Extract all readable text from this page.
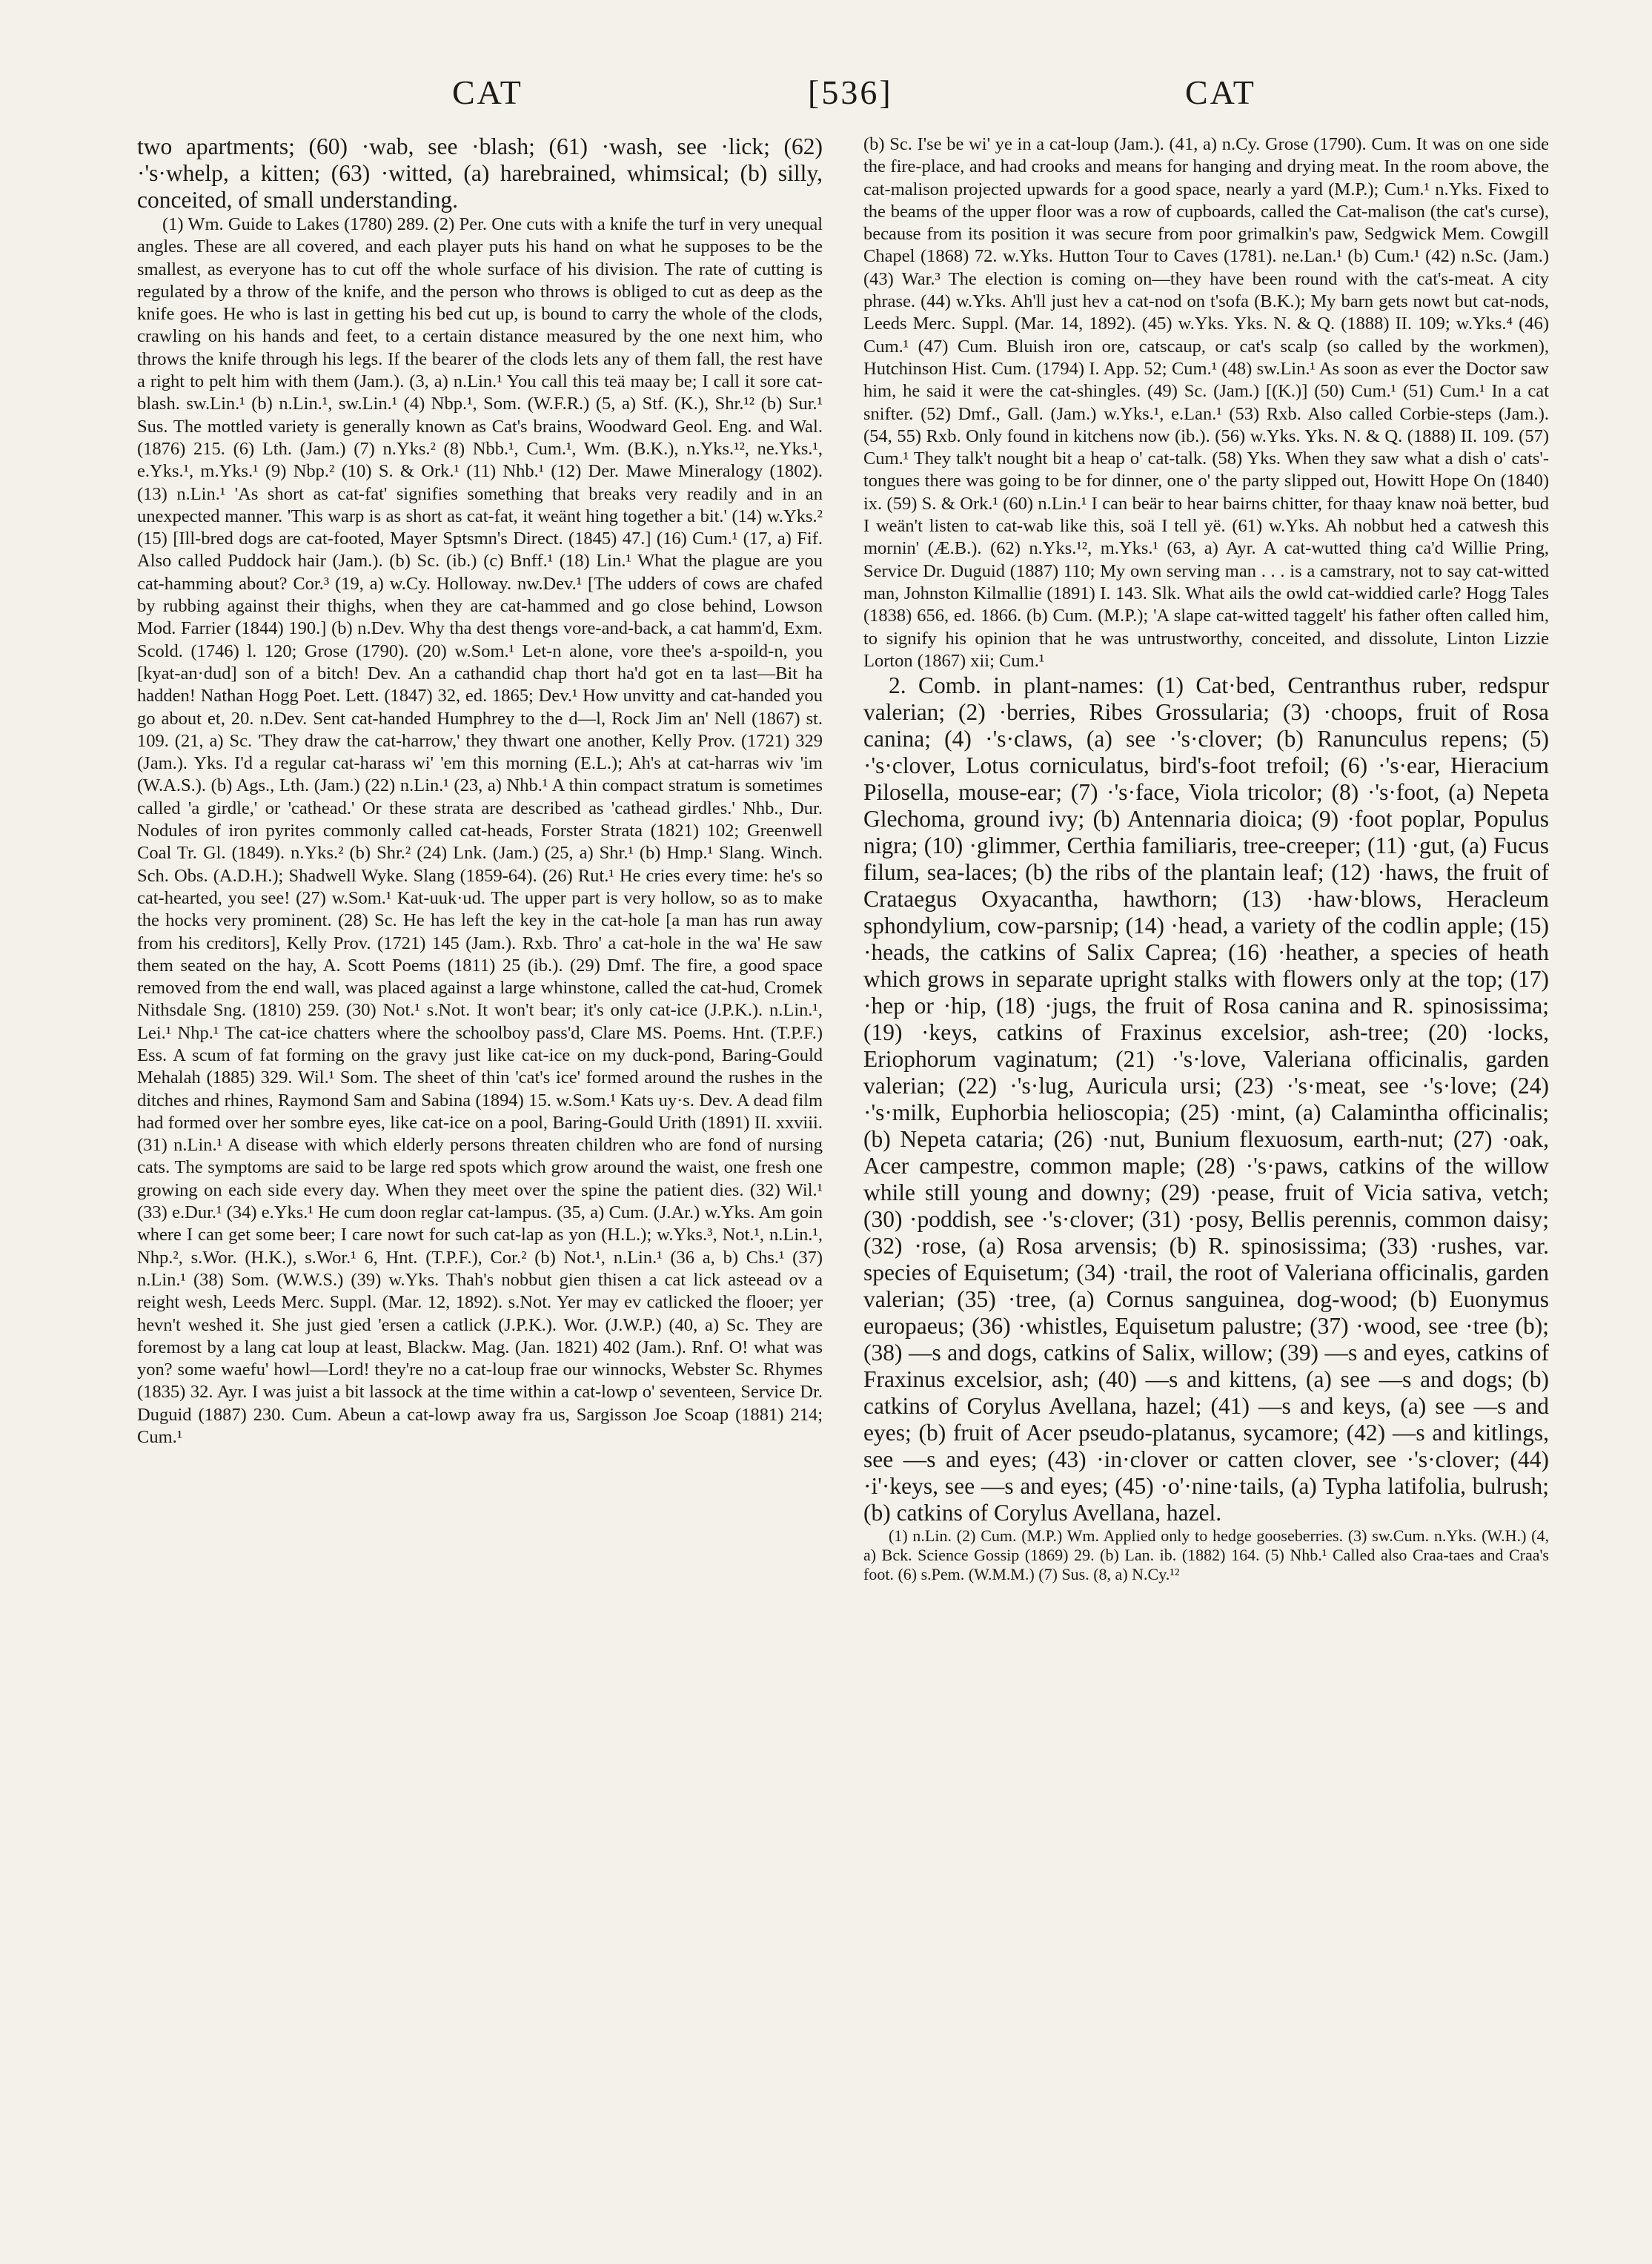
CAT	[536]	CAT

two apartments; (60) ·wab, see ·blash; (61) ·wash, see ·lick; (62) ·'s·whelp, a kitten; (63) ·witted, (a) harebrained, whimsical; (b) silly, conceited, of small understanding.

(1) Wm. Guide to Lakes (1780) 289. (2) Per. One cuts with a knife the turf in very unequal angles. These are all covered, and each player puts his hand on what he supposes to be the smallest, as everyone has to cut off the whole surface of his division. The rate of cutting is regulated by a throw of the knife, and the person who throws is obliged to cut as deep as the knife goes. He who is last in getting his bed cut up, is bound to carry the whole of the clods, crawling on his hands and feet, to a certain distance measured by the one next him, who throws the knife through his legs. If the bearer of the clods lets any of them fall, the rest have a right to pelt him with them (Jam.). (3, a) n.Lin.¹ You call this teä maay be; I call it sore cat-blash. sw.Lin.¹ (b) n.Lin.¹, sw.Lin.¹ (4) Nbp.¹, Som. (W.F.R.) (5, a) Stf. (K.), Shr.¹² (b) Sur.¹ Sus. The mottled variety is generally known as Cat's brains, Woodward Geol. Eng. and Wal. (1876) 215. (6) Lth. (Jam.) (7) n.Yks.² (8) Nbb.¹, Cum.¹, Wm. (B.K.), n.Yks.¹², ne.Yks.¹, e.Yks.¹, m.Yks.¹ (9) Nbp.² (10) S. & Ork.¹ (11) Nhb.¹ (12) Der. Mawe Mineralogy (1802). (13) n.Lin.¹ 'As short as cat-fat' signifies something that breaks very readily and in an unexpected manner. 'This warp is as short as cat-fat, it weänt hing together a bit.' (14) w.Yks.² (15) [Ill-bred dogs are cat-footed, Mayer Sptsmn's Direct. (1845) 47.] (16) Cum.¹ (17, a) Fif. Also called Puddock hair (Jam.). (b) Sc. (ib.) (c) Bnff.¹ (18) Lin.¹ What the plague are you cat-hamming about? Cor.³ (19, a) w.Cy. Holloway. nw.Dev.¹ [The udders of cows are chafed by rubbing against their thighs, when they are cat-hammed and go close behind, Lowson Mod. Farrier (1844) 190.] (b) n.Dev. Why tha dest thengs vore-and-back, a cat hamm'd, Exm. Scold. (1746) l. 120; Grose (1790). (20) w.Som.¹ Let-n alone, vore thee's a-spoild-n, you [kyat-an·dud] son of a bitch! Dev. An a cathandid chap thort ha'd got en ta last—Bit ha hadden! Nathan Hogg Poet. Lett. (1847) 32, ed. 1865; Dev.¹ How unvitty and cat-handed you go about et, 20. n.Dev. Sent cat-handed Humphrey to the d—l, Rock Jim an' Nell (1867) st. 109. (21, a) Sc. 'They draw the cat-harrow,' they thwart one another, Kelly Prov. (1721) 329 (Jam.). Yks. I'd a regular cat-harass wi' 'em this morning (E.L.); Ah's at cat-harras wiv 'im (W.A.S.). (b) Ags., Lth. (Jam.) (22) n.Lin.¹ (23, a) Nhb.¹ A thin compact stratum is sometimes called 'a girdle,' or 'cathead.' Or these strata are described as 'cathead girdles.' Nhb., Dur. Nodules of iron pyrites commonly called cat-heads, Forster Strata (1821) 102; Greenwell Coal Tr. Gl. (1849). n.Yks.² (b) Shr.² (24) Lnk. (Jam.) (25, a) Shr.¹ (b) Hmp.¹ Slang. Winch. Sch. Obs. (A.D.H.); Shadwell Wyke. Slang (1859-64). (26) Rut.¹ He cries every time: he's so cat-hearted, you see! (27) w.Som.¹ Kat-uuk·ud. The upper part is very hollow, so as to make the hocks very prominent. (28) Sc. He has left the key in the cat-hole [a man has run away from his creditors], Kelly Prov. (1721) 145 (Jam.). Rxb. Thro' a cat-hole in the wa' He saw them seated on the hay, A. Scott Poems (1811) 25 (ib.). (29) Dmf. The fire, a good space removed from the end wall, was placed against a large whinstone, called the cat-hud, Cromek Nithsdale Sng. (1810) 259. (30) Not.¹ s.Not. It won't bear; it's only cat-ice (J.P.K.). n.Lin.¹, Lei.¹ Nhp.¹ The cat-ice chatters where the schoolboy pass'd, Clare MS. Poems. Hnt. (T.P.F.) Ess. A scum of fat forming on the gravy just like cat-ice on my duck-pond, Baring-Gould Mehalah (1885) 329. Wil.¹ Som. The sheet of thin 'cat's ice' formed around the rushes in the ditches and rhines, Raymond Sam and Sabina (1894) 15. w.Som.¹ Kats uy·s. Dev. A dead film had formed over her sombre eyes, like cat-ice on a pool, Baring-Gould Urith (1891) II. xxviii. (31) n.Lin.¹ A disease with which elderly persons threaten children who are fond of nursing cats. The symptoms are said to be large red spots which grow around the waist, one fresh one growing on each side every day. When they meet over the spine the patient dies. (32) Wil.¹ (33) e.Dur.¹ (34) e.Yks.¹ He cum doon reglar cat-lampus. (35, a) Cum. (J.Ar.) w.Yks. Am goin where I can get some beer; I care nowt for such cat-lap as yon (H.L.); w.Yks.³, Not.¹, n.Lin.¹, Nhp.², s.Wor. (H.K.), s.Wor.¹ 6, Hnt. (T.P.F.), Cor.² (b) Not.¹, n.Lin.¹ (36 a, b) Chs.¹ (37) n.Lin.¹ (38) Som. (W.W.S.) (39) w.Yks. Thah's nobbut gien thisen a cat lick asteead ov a reight wesh, Leeds Merc. Suppl. (Mar. 12, 1892). s.Not. Yer may ev catlicked the flooer; yer hevn't weshed it. She just gied 'ersen a catlick (J.P.K.). Wor. (J.W.P.) (40, a) Sc. They are foremost by a lang cat loup at least, Blackw. Mag. (Jan. 1821) 402 (Jam.). Rnf. O! what was yon? some waefu' howl—Lord! they're no a cat-loup frae our winnocks, Webster Sc. Rhymes (1835) 32. Ayr. I was juist a bit lassock at the time within a cat-lowp o' seventeen, Service Dr. Duguid (1887) 230. Cum. Abeun a cat-lowp away fra us, Sargisson Joe Scoap (1881) 214; Cum.¹

(b) Sc. I'se be wi' ye in a cat-loup (Jam.). (41, a) n.Cy. Grose (1790). Cum. It was on one side the fire-place, and had crooks and means for hanging and drying meat. In the room above, the cat-malison projected upwards for a good space, nearly a yard (M.P.); Cum.¹ n.Yks. Fixed to the beams of the upper floor was a row of cupboards, called the Cat-malison (the cat's curse), because from its position it was secure from poor grimalkin's paw, Sedgwick Mem. Cowgill Chapel (1868) 72. w.Yks. Hutton Tour to Caves (1781). ne.Lan.¹ (b) Cum.¹ (42) n.Sc. (Jam.) (43) War.³ The election is coming on—they have been round with the cat's-meat. A city phrase. (44) w.Yks. Ah'll just hev a cat-nod on t'sofa (B.K.); My barn gets nowt but cat-nods, Leeds Merc. Suppl. (Mar. 14, 1892). (45) w.Yks. Yks. N. & Q. (1888) II. 109; w.Yks.⁴ (46) Cum.¹ (47) Cum. Bluish iron ore, catscaup, or cat's scalp (so called by the workmen), Hutchinson Hist. Cum. (1794) I. App. 52; Cum.¹ (48) sw.Lin.¹ As soon as ever the Doctor saw him, he said it were the cat-shingles. (49) Sc. (Jam.) [(K.)] (50) Cum.¹ (51) Cum.¹ In a cat snifter. (52) Dmf., Gall. (Jam.) w.Yks.¹, e.Lan.¹ (53) Rxb. Also called Corbie-steps (Jam.). (54, 55) Rxb. Only found in kitchens now (ib.). (56) w.Yks. Yks. N. & Q. (1888) II. 109. (57) Cum.¹ They talk't nought bit a heap o' cat-talk. (58) Yks. When they saw what a dish o' cats'-tongues there was going to be for dinner, one o' the party slipped out, Howitt Hope On (1840) ix. (59) S. & Ork.¹ (60) n.Lin.¹ I can beär to hear bairns chitter, for thaay knaw noä better, bud I weän't listen to cat-wab like this, soä I tell yë. (61) w.Yks. Ah nobbut hed a catwesh this mornin' (Æ.B.). (62) n.Yks.¹², m.Yks.¹ (63, a) Ayr. A cat-wutted thing ca'd Willie Pring, Service Dr. Duguid (1887) 110; My own serving man . . . is a camstrary, not to say cat-witted man, Johnston Kilmallie (1891) I. 143. Slk. What ails the owld cat-widdied carle? Hogg Tales (1838) 656, ed. 1866. (b) Cum. (M.P.); 'A slape cat-witted taggelt' his father often called him, to signify his opinion that he was untrustworthy, conceited, and dissolute, Linton Lizzie Lorton (1867) xii; Cum.¹

2. Comb. in plant-names: (1) Cat·bed, Centranthus ruber, redspur valerian; (2) ·berries, Ribes Grossularia; (3) ·choops, fruit of Rosa canina; (4) ·'s·claws, (a) see ·'s·clover; (b) Ranunculus repens; (5) ·'s·clover, Lotus corniculatus, bird's-foot trefoil; (6) ·'s·ear, Hieracium Pilosella, mouse-ear; (7) ·'s·face, Viola tricolor; (8) ·'s·foot, (a) Nepeta Glechoma, ground ivy; (b) Antennaria dioica; (9) ·foot poplar, Populus nigra; (10) ·glimmer, Certhia familiaris, tree-creeper; (11) ·gut, (a) Fucus filum, sea-laces; (b) the ribs of the plantain leaf; (12) ·haws, the fruit of Crataegus Oxyacantha, hawthorn; (13) ·haw·blows, Heracleum sphondylium, cow-parsnip; (14) ·head, a variety of the codlin apple; (15) ·heads, the catkins of Salix Caprea; (16) ·heather, a species of heath which grows in separate upright stalks with flowers only at the top; (17) ·hep or ·hip, (18) ·jugs, the fruit of Rosa canina and R. spinosissima; (19) ·keys, catkins of Fraxinus excelsior, ash-tree; (20) ·locks, Eriophorum vaginatum; (21) ·'s·love, Valeriana officinalis, garden valerian; (22) ·'s·lug, Auricula ursi; (23) ·'s·meat, see ·'s·love; (24) ·'s·milk, Euphorbia helioscopia; (25) ·mint, (a) Calamintha officinalis; (b) Nepeta cataria; (26) ·nut, Bunium flexuosum, earth-nut; (27) ·oak, Acer campestre, common maple; (28) ·'s·paws, catkins of the willow while still young and downy; (29) ·pease, fruit of Vicia sativa, vetch; (30) ·poddish, see ·'s·clover; (31) ·posy, Bellis perennis, common daisy; (32) ·rose, (a) Rosa arvensis; (b) R. spinosissima; (33) ·rushes, var. species of Equisetum; (34) ·trail, the root of Valeriana officinalis, garden valerian; (35) ·tree, (a) Cornus sanguinea, dog-wood; (b) Euonymus europaeus; (36) ·whistles, Equisetum palustre; (37) ·wood, see ·tree (b); (38) —s and dogs, catkins of Salix, willow; (39) —s and eyes, catkins of Fraxinus excelsior, ash; (40) —s and kittens, (a) see —s and dogs; (b) catkins of Corylus Avellana, hazel; (41) —s and keys, (a) see —s and eyes; (b) fruit of Acer pseudo-platanus, sycamore; (42) —s and kitlings, see —s and eyes; (43) ·in·clover or catten clover, see ·'s·clover; (44) ·i'·keys, see —s and eyes; (45) ·o'·nine·tails, (a) Typha latifolia, bulrush; (b) catkins of Corylus Avellana, hazel.

(1) n.Lin. (2) Cum. (M.P.) Wm. Applied only to hedge gooseberries. (3) sw.Cum. n.Yks. (W.H.) (4, a) Bck. Science Gossip (1869) 29. (b) Lan. ib. (1882) 164. (5) Nhb.¹ Called also Craa-taes and Craa's foot. (6) s.Pem. (W.M.M.) (7) Sus. (8, a) N.Cy.¹²
